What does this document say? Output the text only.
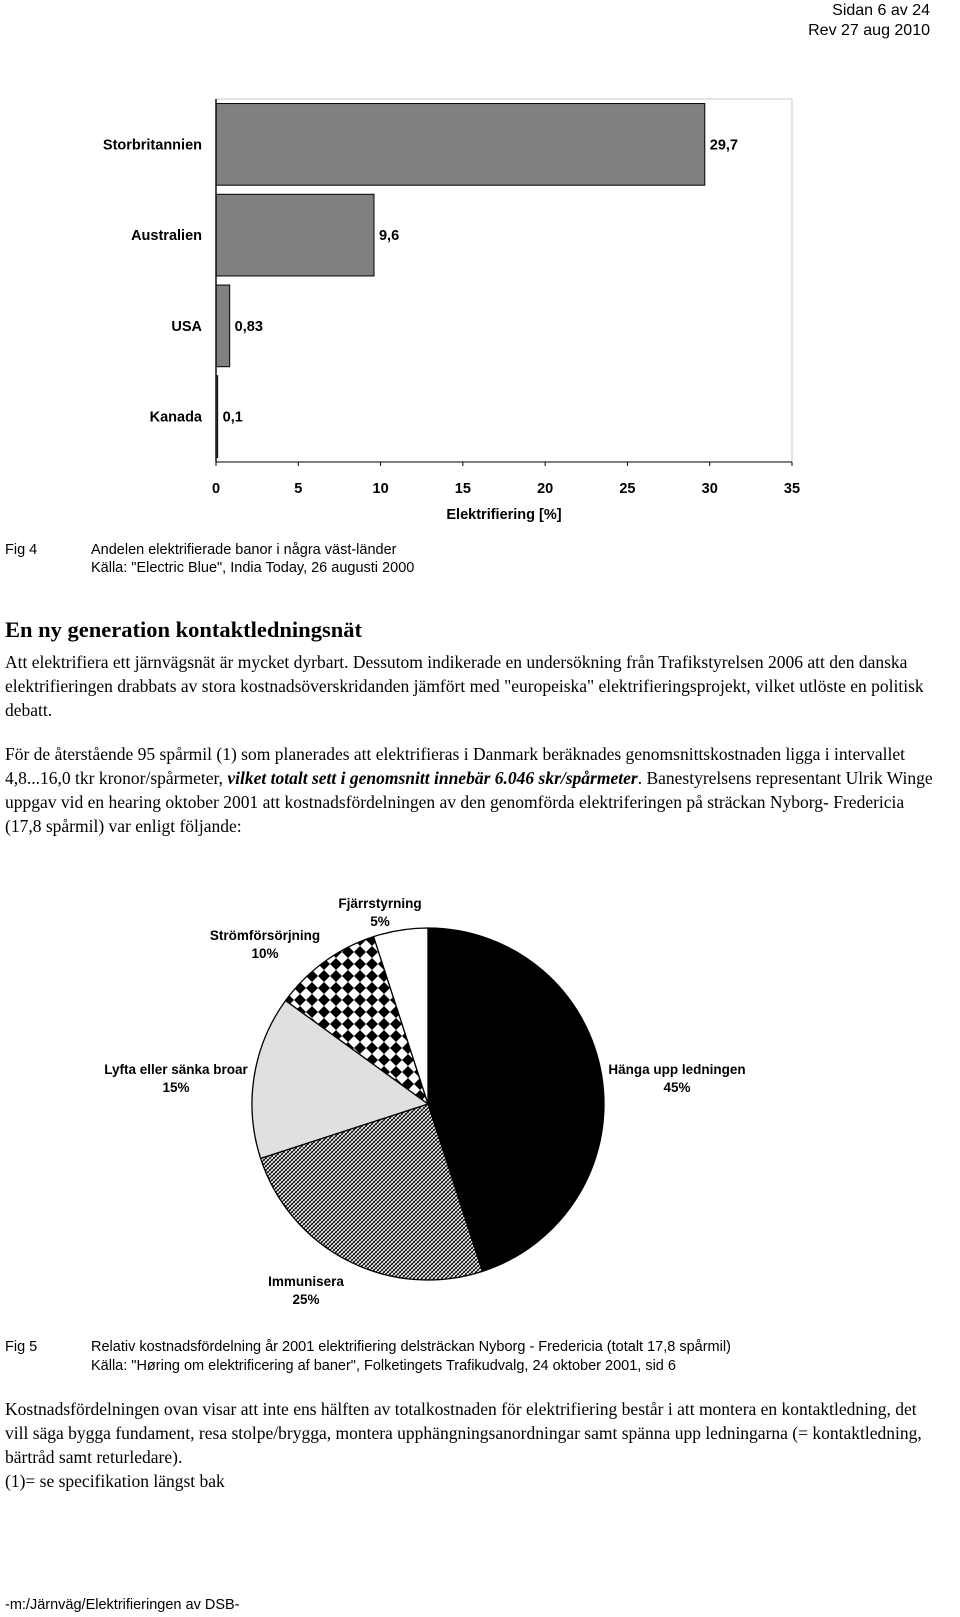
Sidan 6 av 24
Rev 27 aug 2010
Storbritannien	29,7
Australien	9,6
USA 0,83
Kanada 0,1
0	5	10	15	20	25	30	35
Elektrifiering [%]
Fig 4	Andelen elektrifierade banor i några väst-länder
Källa: "Electric Blue", India Today, 26 augusti 2000
En ny generation kontaktledningsnät

Att elektrifiera ett järnvägsnät är mycket dyrbart. Dessutom indikerade en undersökning från Trafikstyrelsen 2006 att den danska elektrifieringen drabbats av stora kostnadsöverskridanden jämfört med "europeiska" elektrifieringsprojekt, vilket utlöste en politisk debatt.

För de återstående 95 spårmil (1) som planerades att elektrifieras i Danmark beräknades genomsnittskostnaden ligga i intervallet 4,8...16,0 tkr kronor/spårmeter, vilket totalt sett i genomsnitt innebär 6.046 skr/spårmeter. Banestyrelsens representant Ulrik Winge uppgav vid en hearing oktober 2001 att kostnadsfördelningen av den genomförda elektriferingen på sträckan Nyborg- Fredericia (17,8 spårmil) var enligt följande:

Hänga upp ledningen
45%
Immunisera
25%
Lyfta eller sänka broar
15%
Strömförsörjning
10%
Fjärrstyrning
5%
Fig 5	Relativ kostnadsfördelning år 2001 elektrifiering delsträckan Nyborg - Fredericia (totalt 17,8 spårmil)
Källa: "Høring om elektrificering af baner", Folketingets Trafikudvalg, 24 oktober 2001, sid 6

Kostnadsfördelningen ovan visar att inte ens hälften av totalkostnaden för elektrifiering består i att montera en kontaktledning, det vill säga bygga fundament, resa stolpe/brygga, montera upphängningsanordningar samt spänna upp ledningarna (= kontaktledning, bärtråd samt returledare).

(1)= se specifikation längst bak

-m:/Järnväg/Elektrifieringen av DSB-
